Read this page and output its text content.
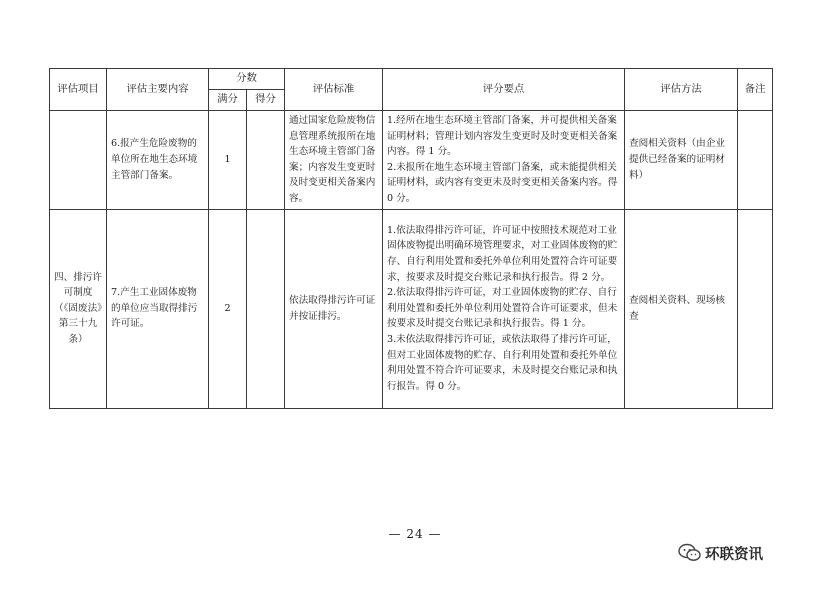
评估项目	评估主要内容	分数		评估标准	评分要点	评估方法	备注
		满分	得分				
	6.报产生危险废物的单位所在地生态环境主管部门备案。	1		通过国家危险废物信息管理系统报所在地生态环境主管部门备案；内容发生变更时及时变更相关备案内容。	1.经所在地生态环境主管部门备案，并可提供相关备案证明材料；管理计划内容发生变更时及时变更相关备案内容。得 1 分。
2.未报所在地生态环境主管部门备案，或未能提供相关证明材料，或内容有变更未及时变更相关备案内容。得 0 分。	查阅相关资料（由企业提供已经备案的证明材料）	
四、排污许可制度（《固废法》第三十九条）	7.产生工业固体废物的单位应当取得排污许可证。	2		依法取得排污许可证并按证排污。	1.依法取得排污许可证，许可证中按照技术规范对工业固体废物提出明确环境管理要求，对工业固体废物的贮存、自行利用处置和委托外单位利用处置符合许可证要求，按要求及时提交台账记录和执行报告。得 2 分。
2.依法取得排污许可证，对工业固体废物的贮存、自行利用处置和委托外单位利用处置符合许可证要求，但未按要求及时提交台账记录和执行报告。得 1 分。
3.未依法取得排污许可证，或依法取得了排污许可证，但对工业固体废物的贮存、自行利用处置和委托外单位利用处置不符合许可证要求，未及时提交台账记录和执行报告。得 0 分。	查阅相关资料、现场核查	
— 24 —
环联资讯
